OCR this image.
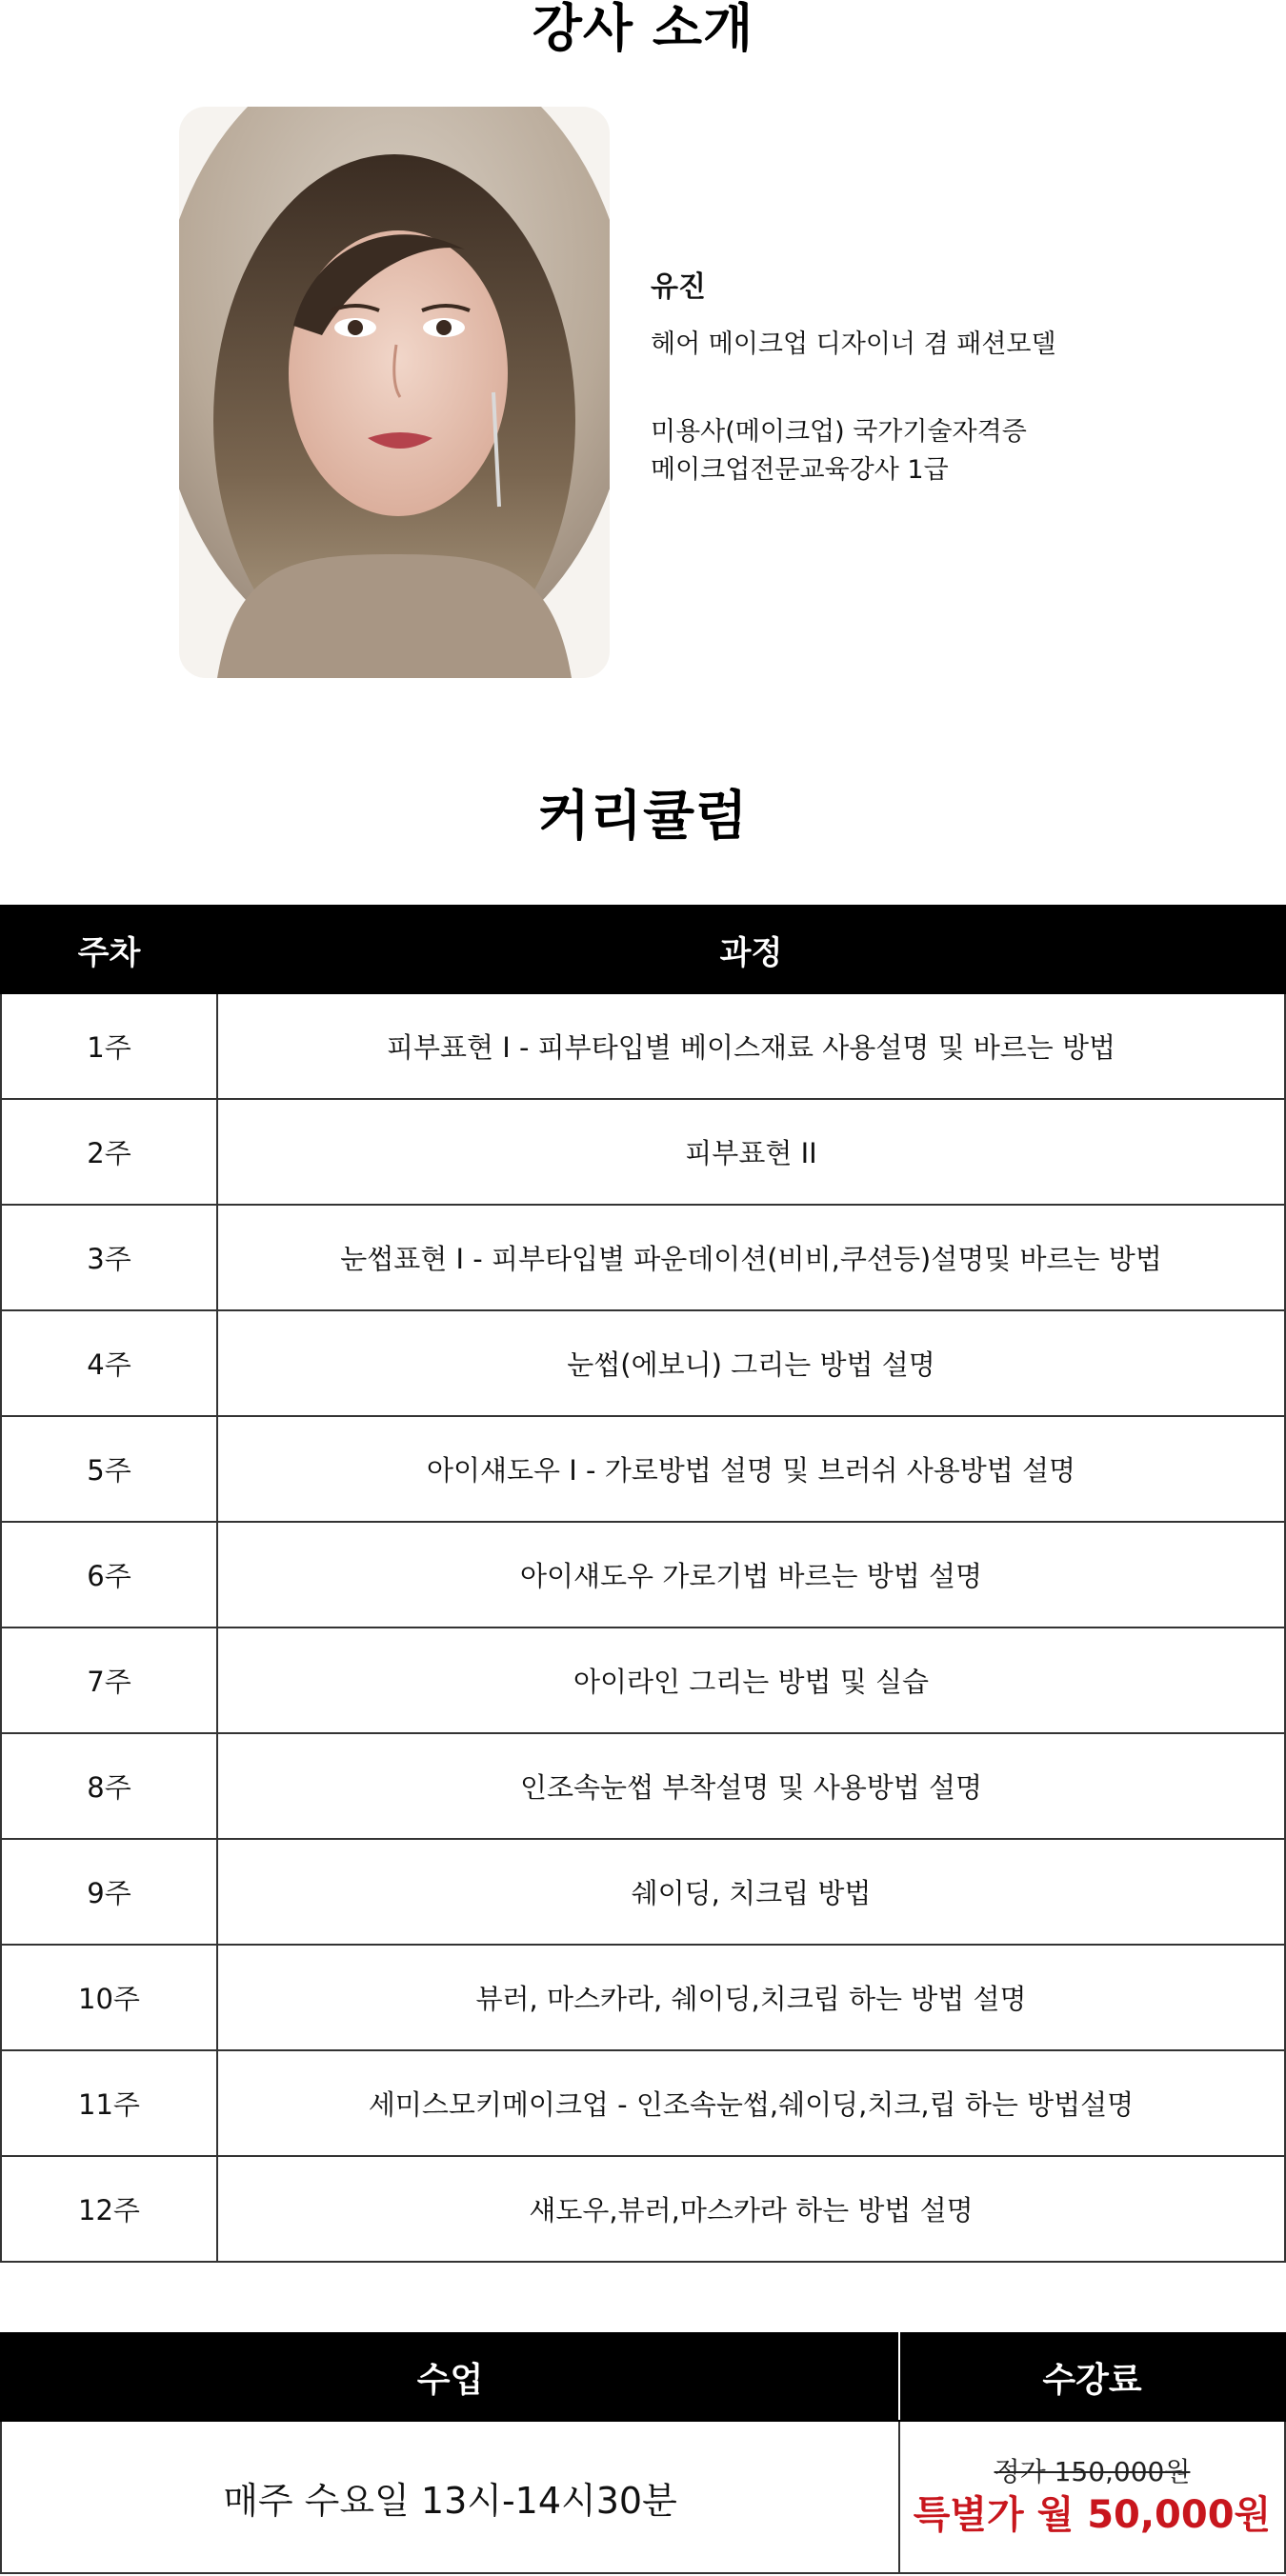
강사 소개

유진

헤어 메이크업 디자이너 겸 패션모델

미용사(메이크업) 국가기술자격증

메이크업전문교육강사 1급

커리큘럼
주차	과정
1주	피부표현 I - 피부타입별 베이스재료 사용설명 및 바르는 방법
2주	피부표현 II
3주	눈썹표현 I - 피부타입별 파운데이션(비비,쿠션등)설명및 바르는 방법
4주	눈썹(에보니) 그리는 방법 설명
5주	아이섀도우 I - 가로방법 설명 및 브러쉬 사용방법 설명
6주	아이섀도우 가로기법 바르는 방법 설명
7주	아이라인 그리는 방법 및 실습
8주	인조속눈썹 부착설명 및 사용방법 설명
9주	쉐이딩, 치크립 방법
10주	뷰러, 마스카라, 쉐이딩,치크립 하는 방법 설명
11주	세미스모키메이크업 - 인조속눈썹,쉐이딩,치크,립 하는 방법설명
12주	섀도우,뷰러,마스카라 하는 방법 설명
수업	수강료
매주 수요일 13시-14시30분	정가 150,000원
특별가 월 50,000원
